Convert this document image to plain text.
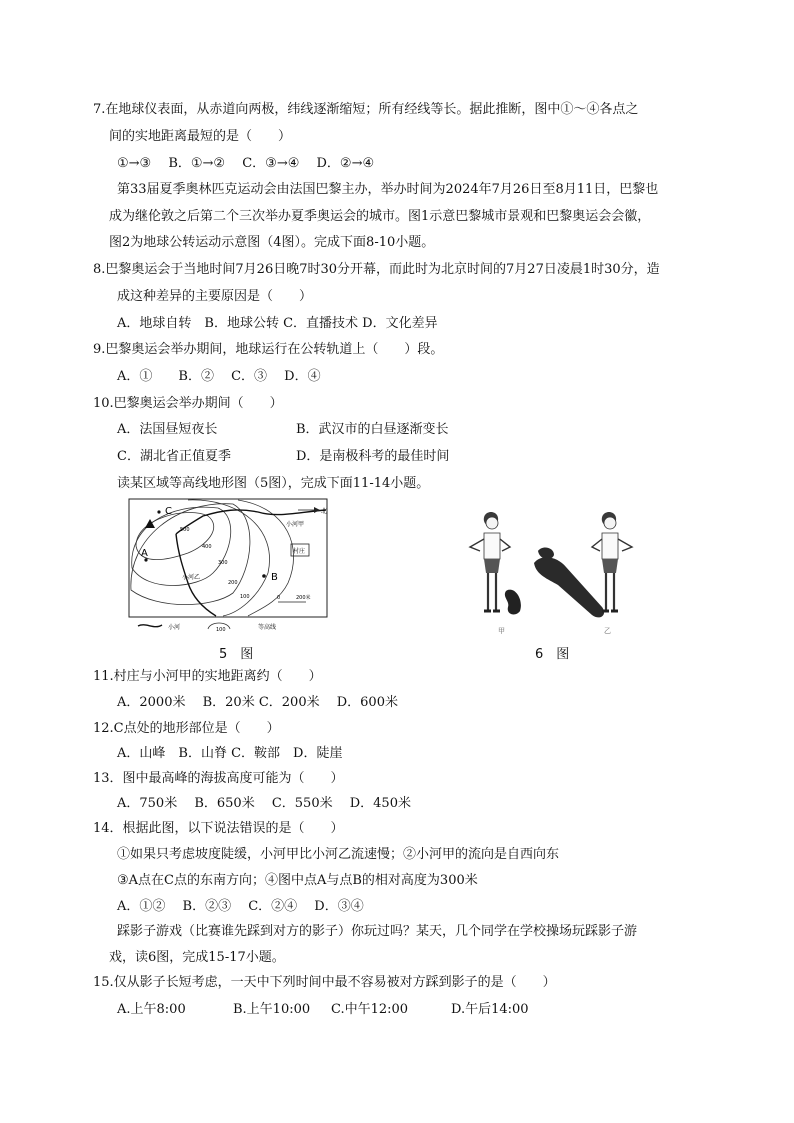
7.在地球仪表面，从赤道向两极，纬线逐渐缩短；所有经线等长。据此推断，图中①～④各点之
间的实地距离最短的是（　　）
①→③　 B．①→②　 C．③→④　 D．②→④
第33届夏季奥林匹克运动会由法国巴黎主办，举办时间为2024年7月26日至8月11日，巴黎也
成为继伦敦之后第二个三次举办夏季奥运会的城市。图1示意巴黎城市景观和巴黎奥运会会徽，
图2为地球公转运动示意图（4图）。完成下面8-10小题。
8.巴黎奥运会于当地时间7月26日晚7时30分开幕，而此时为北京时间的7月27日凌晨1时30分，造
成这种差异的主要原因是（　　）
A．地球自转　B．地球公转 C．直播技术 D．文化差异
9.巴黎奥运会举办期间，地球运行在公转轨道上（　　）段。
A．①　　B．②　 C．③　 D．④
10.巴黎奥运会举办期间（　　）
A．法国昼短夜长	B．武汉市的白昼逐渐变长
C．湖北省正值夏季	D．是南极科考的最佳时间
读某区域等高线地形图（5图），完成下面11-14小题。
C
A
B
北
小河甲
小河乙
村庄
500
400
300
200
100	0	200米
小河	100	等高线	甲	乙
5　图	6　图
11.村庄与小河甲的实地距离约（　　）
A．2000米　 B．20米 C．200米　 D．600米
12.C点处的地形部位是（　　）
A．山峰　B．山脊 C．鞍部　D．陡崖
13．图中最高峰的海拔高度可能为（　　）
A．750米　 B．650米　 C．550米　 D．450米
14．根据此图，以下说法错误的是（　　）
①如果只考虑坡度陡缓，小河甲比小河乙流速慢；②小河甲的流向是自西向东
③A点在C点的东南方向；④图中点A与点B的相对高度为300米
A．①②　 B．②③　 C．②④　 D．③④
踩影子游戏（比赛谁先踩到对方的影子）你玩过吗？某天，几个同学在学校操场玩踩影子游
戏，读6图，完成15-17小题。
15.仅从影子长短考虑，一天中下列时间中最不容易被对方踩到影子的是（　　）
A.上午8:00	B.上午10:00 C.中午12:00	D.午后14:00
